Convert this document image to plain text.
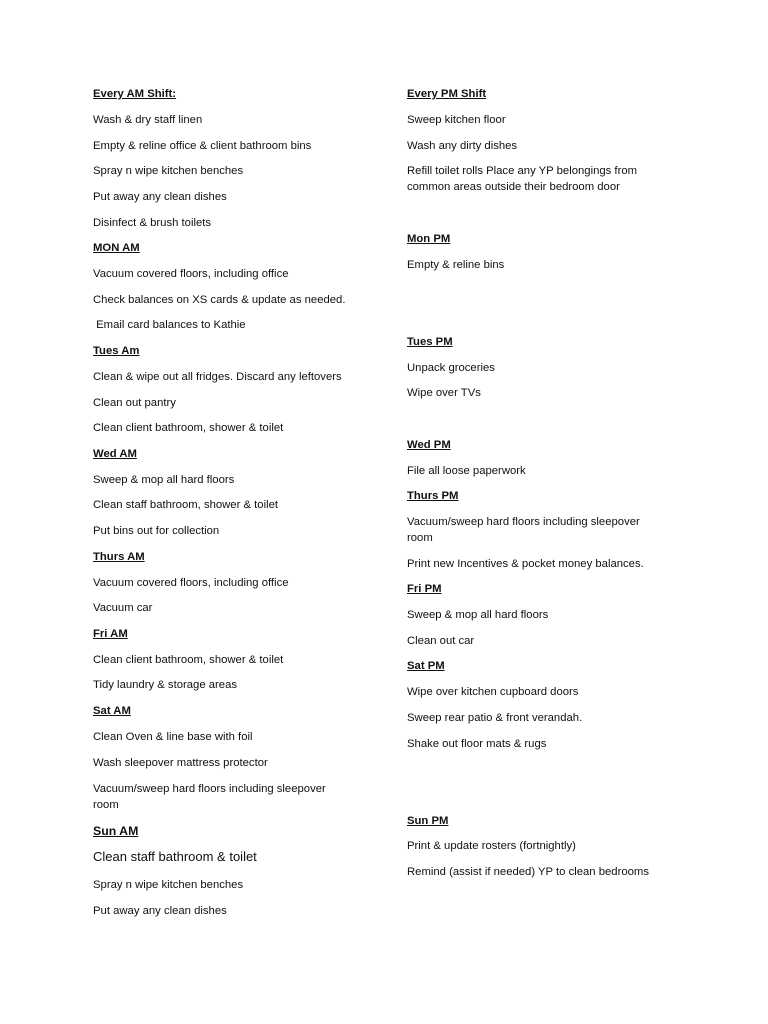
Every AM Shift:
Wash & dry staff linen
Empty & reline office & client bathroom bins
Spray n wipe kitchen benches
Put away any clean dishes
Disinfect & brush toilets
MON AM
Vacuum covered floors, including office
Check balances on XS cards & update as needed.
Email card balances to Kathie
Tues Am
Clean & wipe out all fridges. Discard any leftovers
Clean out pantry
Clean client bathroom, shower & toilet
Wed AM
Sweep & mop all hard floors
Clean staff bathroom, shower & toilet
Put bins out for collection
Thurs AM
Vacuum covered floors, including office
Vacuum car
Fri AM
Clean client bathroom, shower & toilet
Tidy laundry & storage areas
Sat AM
Clean Oven & line base with foil
Wash sleepover mattress protector
Vacuum/sweep hard floors including sleepover room
Sun AM
Clean staff bathroom & toilet
Spray n wipe kitchen benches
Put away any clean dishes
Every PM Shift
Sweep kitchen floor
Wash any dirty dishes
Refill toilet rolls Place any YP belongings from common areas outside their bedroom door
Mon PM
Empty & reline bins
Tues PM
Unpack groceries
Wipe over TVs
Wed PM
File all loose paperwork
Thurs PM
Vacuum/sweep hard floors including sleepover room
Print new Incentives & pocket money balances.
Fri PM
Sweep & mop all hard floors
Clean out car
Sat PM
Wipe over kitchen cupboard doors
Sweep rear patio & front verandah.
Shake out floor mats & rugs
Sun PM
Print & update rosters (fortnightly)
Remind (assist if needed) YP to clean bedrooms
